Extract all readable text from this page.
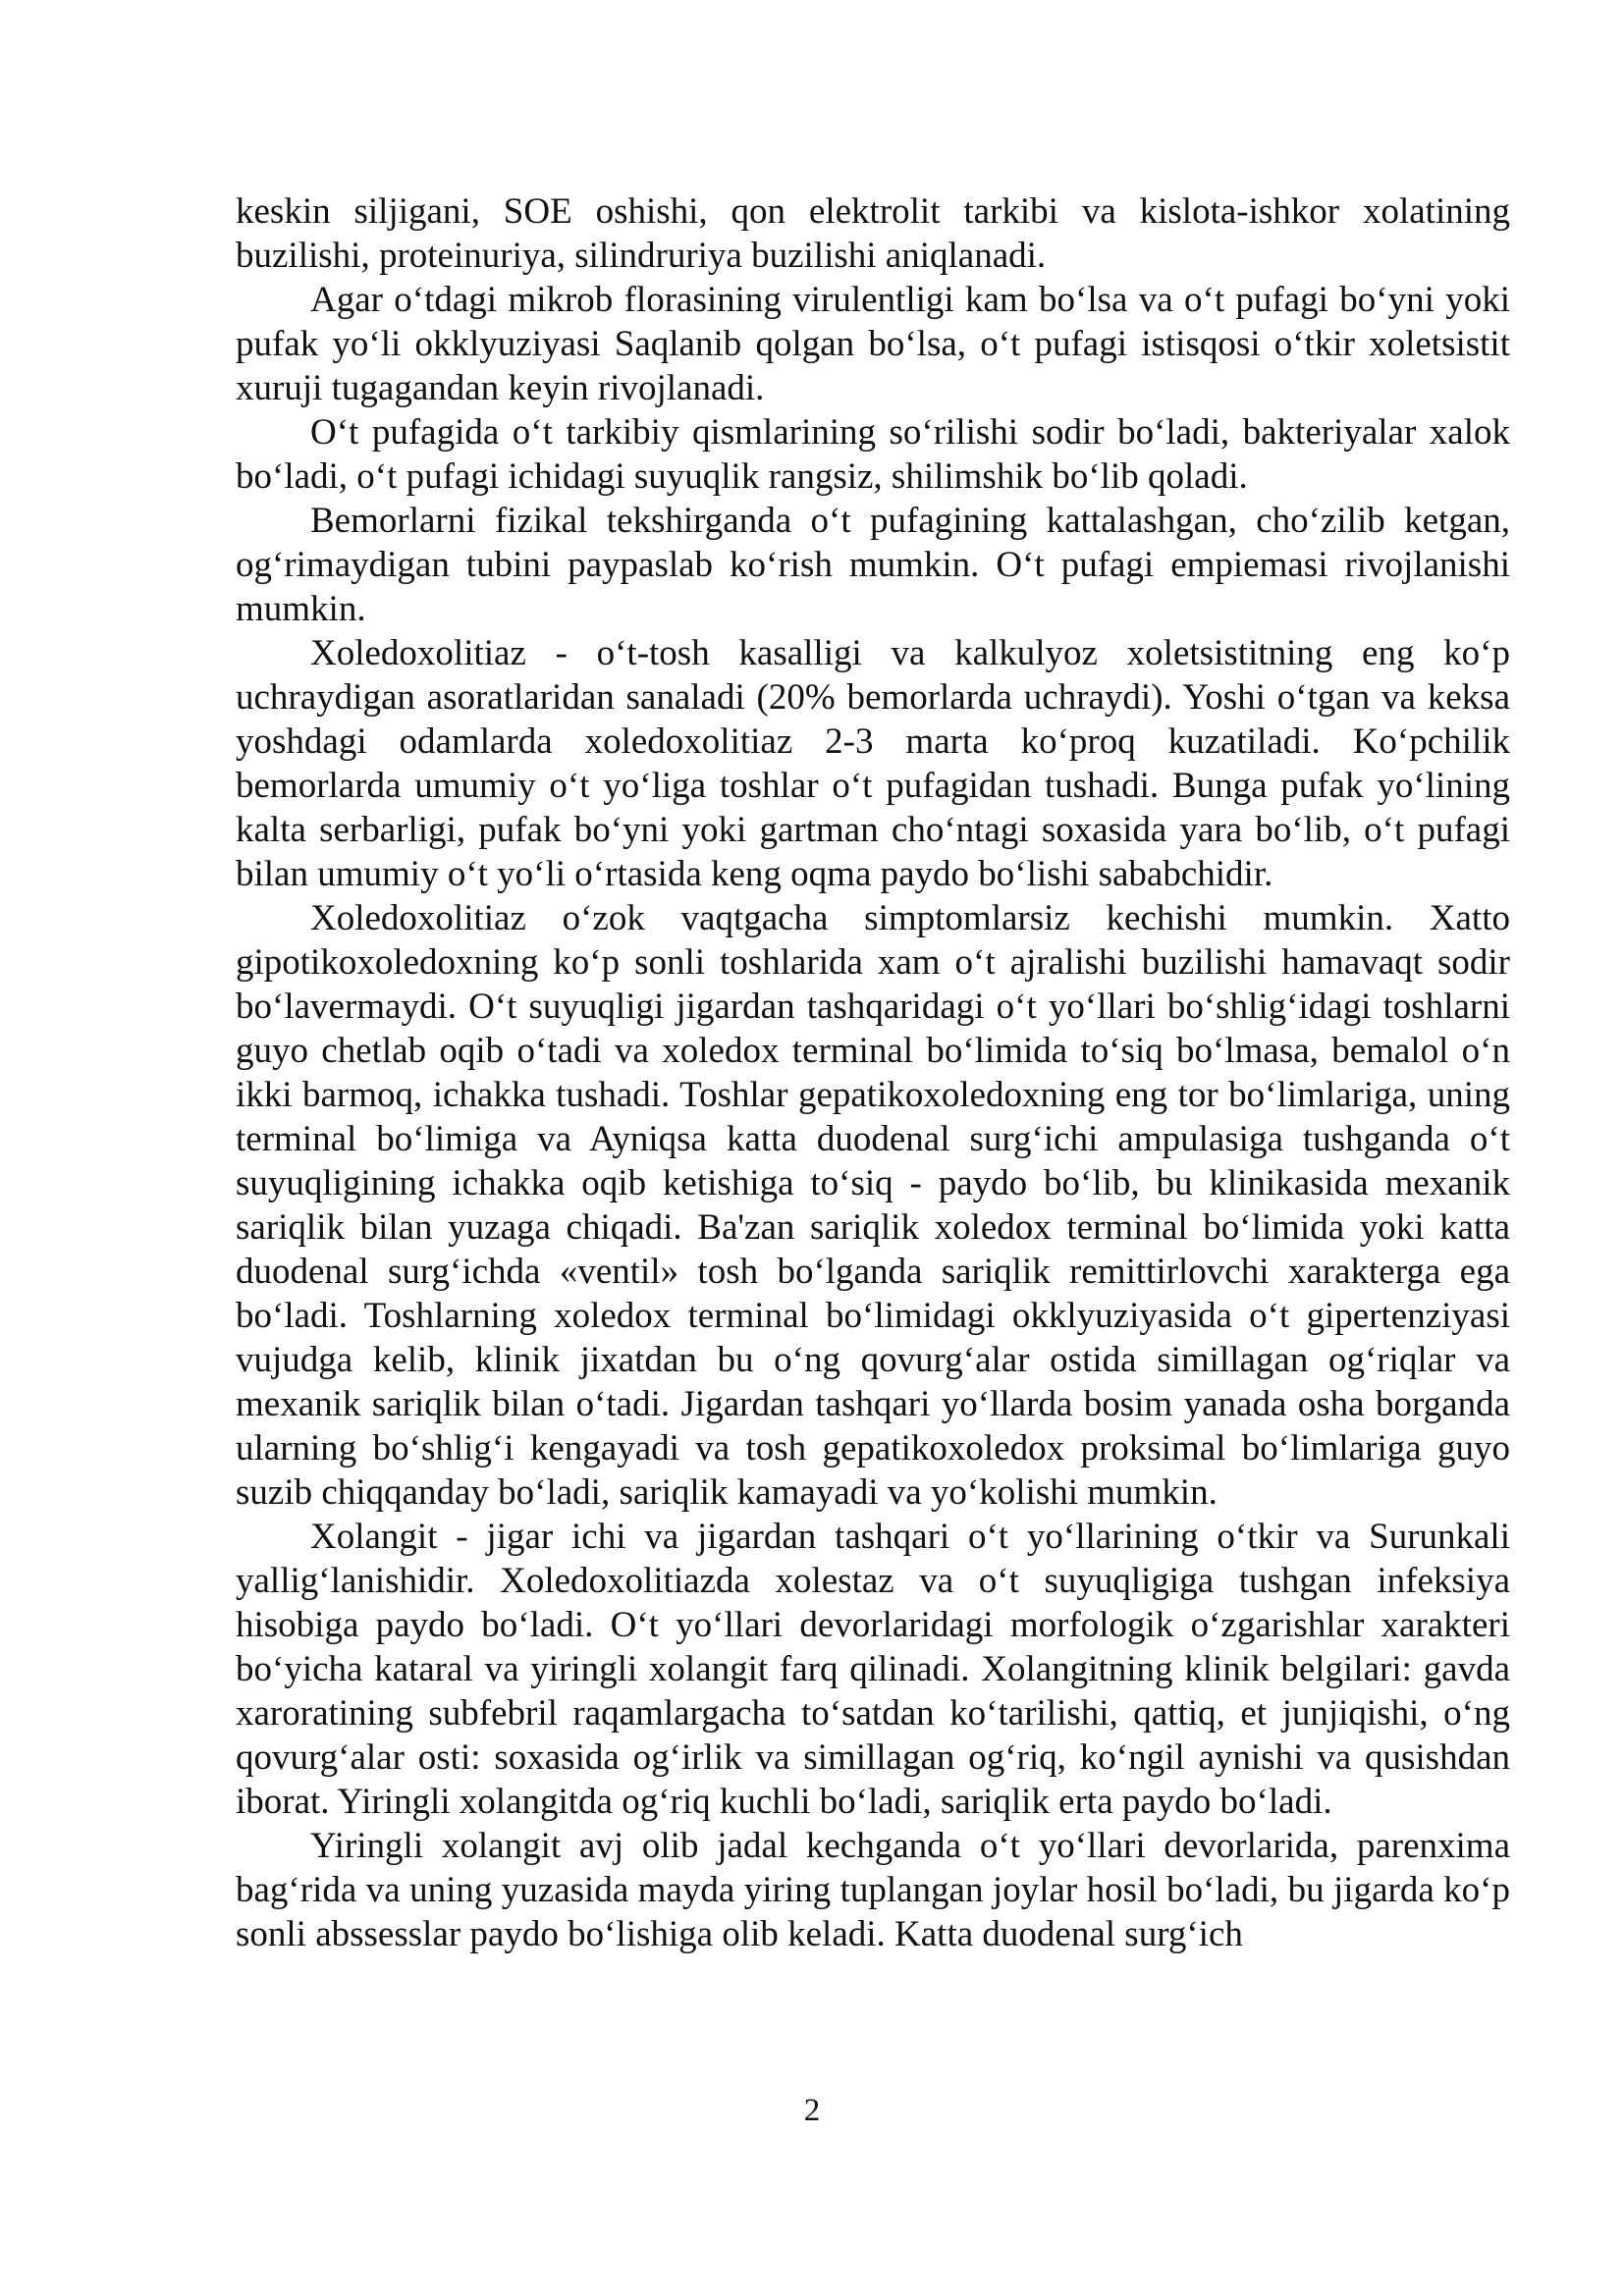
keskin siljigani, SOE oshishi, qon elektrolit tarkibi va kislota-ishkor xolatining buzilishi, proteinuriya, silindruriya buzilishi aniqlanadi.

Agar o‘tdagi mikrob florasining virulentligi kam bo‘lsa va o‘t pufagi bo‘yni yoki pufak yo‘li okklyuziyasi Saqlanib qolgan bo‘lsa, o‘t pufagi istisqosi o‘tkir xoletsistit xuruji tugagandan keyin rivojlanadi.

O‘t pufagida o‘t tarkibiy qismlarining so‘rilishi sodir bo‘ladi, bakteriyalar xalok bo‘ladi, o‘t pufagi ichidagi suyuqlik rangsiz, shilimshik bo‘lib qoladi.

Bemorlarni fizikal tekshirganda o‘t pufagining kattalashgan, cho‘zilib ketgan, og‘rimaydigan tubini paypaslab ko‘rish mumkin. O‘t pufagi empiemasi rivojlanishi mumkin.

Xoledoxolitiaz - o‘t-tosh kasalligi va kalkulyoz xoletsistitning eng ko‘p uchraydigan asoratlaridan sanaladi (20% bemorlarda uchraydi). Yoshi o‘tgan va keksa yoshdagi odamlarda xoledoxolitiaz 2-3 marta ko‘proq kuzatiladi. Ko‘pchilik bemorlarda umumiy o‘t yo‘liga toshlar o‘t pufagidan tushadi. Bunga pufak yo‘lining kalta serbarligi, pufak bo‘yni yoki gartman cho‘ntagi soxasida yara bo‘lib, o‘t pufagi bilan umumiy o‘t yo‘li o‘rtasida keng oqma paydo bo‘lishi sababchidir.

Xoledoxolitiaz o‘zok vaqtgacha simptomlarsiz kechishi mumkin. Xatto gipotikoxoledoxning ko‘p sonli toshlarida xam o‘t ajralishi buzilishi hamavaqt sodir bo‘lavermaydi. O‘t suyuqligi jigardan tashqaridagi o‘t yo‘llari bo‘shlig‘idagi toshlarni guyo chetlab oqib o‘tadi va xoledox terminal bo‘limida to‘siq bo‘lmasa, bemalol o‘n ikki barmoq, ichakka tushadi. Toshlar gepatikoxoledoxning eng tor bo‘limlariga, uning terminal bo‘limiga va Ayniqsa katta duodenal surg‘ichi ampulasiga tushganda o‘t suyuqligining ichakka oqib ketishiga to‘siq - paydo bo‘lib, bu klinikasida mexanik sariqlik bilan yuzaga chiqadi. Ba'zan sariqlik xoledox terminal bo‘limida yoki katta duodenal surg‘ichda «ventil» tosh bo‘lganda sariqlik remittirlovchi xarakterga ega bo‘ladi. Toshlarning xoledox terminal bo‘limidagi okklyuziyasida o‘t gipertenziyasi vujudga kelib, klinik jixatdan bu o‘ng qovurg‘alar ostida simillagan og‘riqlar va mexanik sariqlik bilan o‘tadi. Jigardan tashqari yo‘llarda bosim yanada osha borganda ularning bo‘shlig‘i kengayadi va tosh gepatikoxoledox proksimal bo‘limlariga guyo suzib chiqqanday bo‘ladi, sariqlik kamayadi va yo‘kolishi mumkin.

Xolangit - jigar ichi va jigardan tashqari o‘t yo‘llarining o‘tkir va Surunkali yallig‘lanishidir. Xoledoxolitiazda xolestaz va o‘t suyuqligiga tushgan infeksiya hisobiga paydo bo‘ladi. O‘t yo‘llari devorlaridagi morfologik o‘zgarishlar xarakteri bo‘yicha kataral va yiringli xolangit farq qilinadi. Xolangitning klinik belgilari: gavda xaroratining subfebril raqamlargacha to‘satdan ko‘tarilishi, qattiq, et junjiqishi, o‘ng qovurg‘alar osti: soxasida og‘irlik va simillagan og‘riq, ko‘ngil aynishi va qusishdan iborat. Yiringli xolangitda og‘riq kuchli bo‘ladi, sariqlik erta paydo bo‘ladi.

Yiringli xolangit avj olib jadal kechganda o‘t yo‘llari devorlarida, parenxima bag‘rida va uning yuzasida mayda yiring tuplangan joylar hosil bo‘ladi, bu jigarda ko‘p sonli abssesslar paydo bo‘lishiga olib keladi. Katta duodenal surg‘ich

2
